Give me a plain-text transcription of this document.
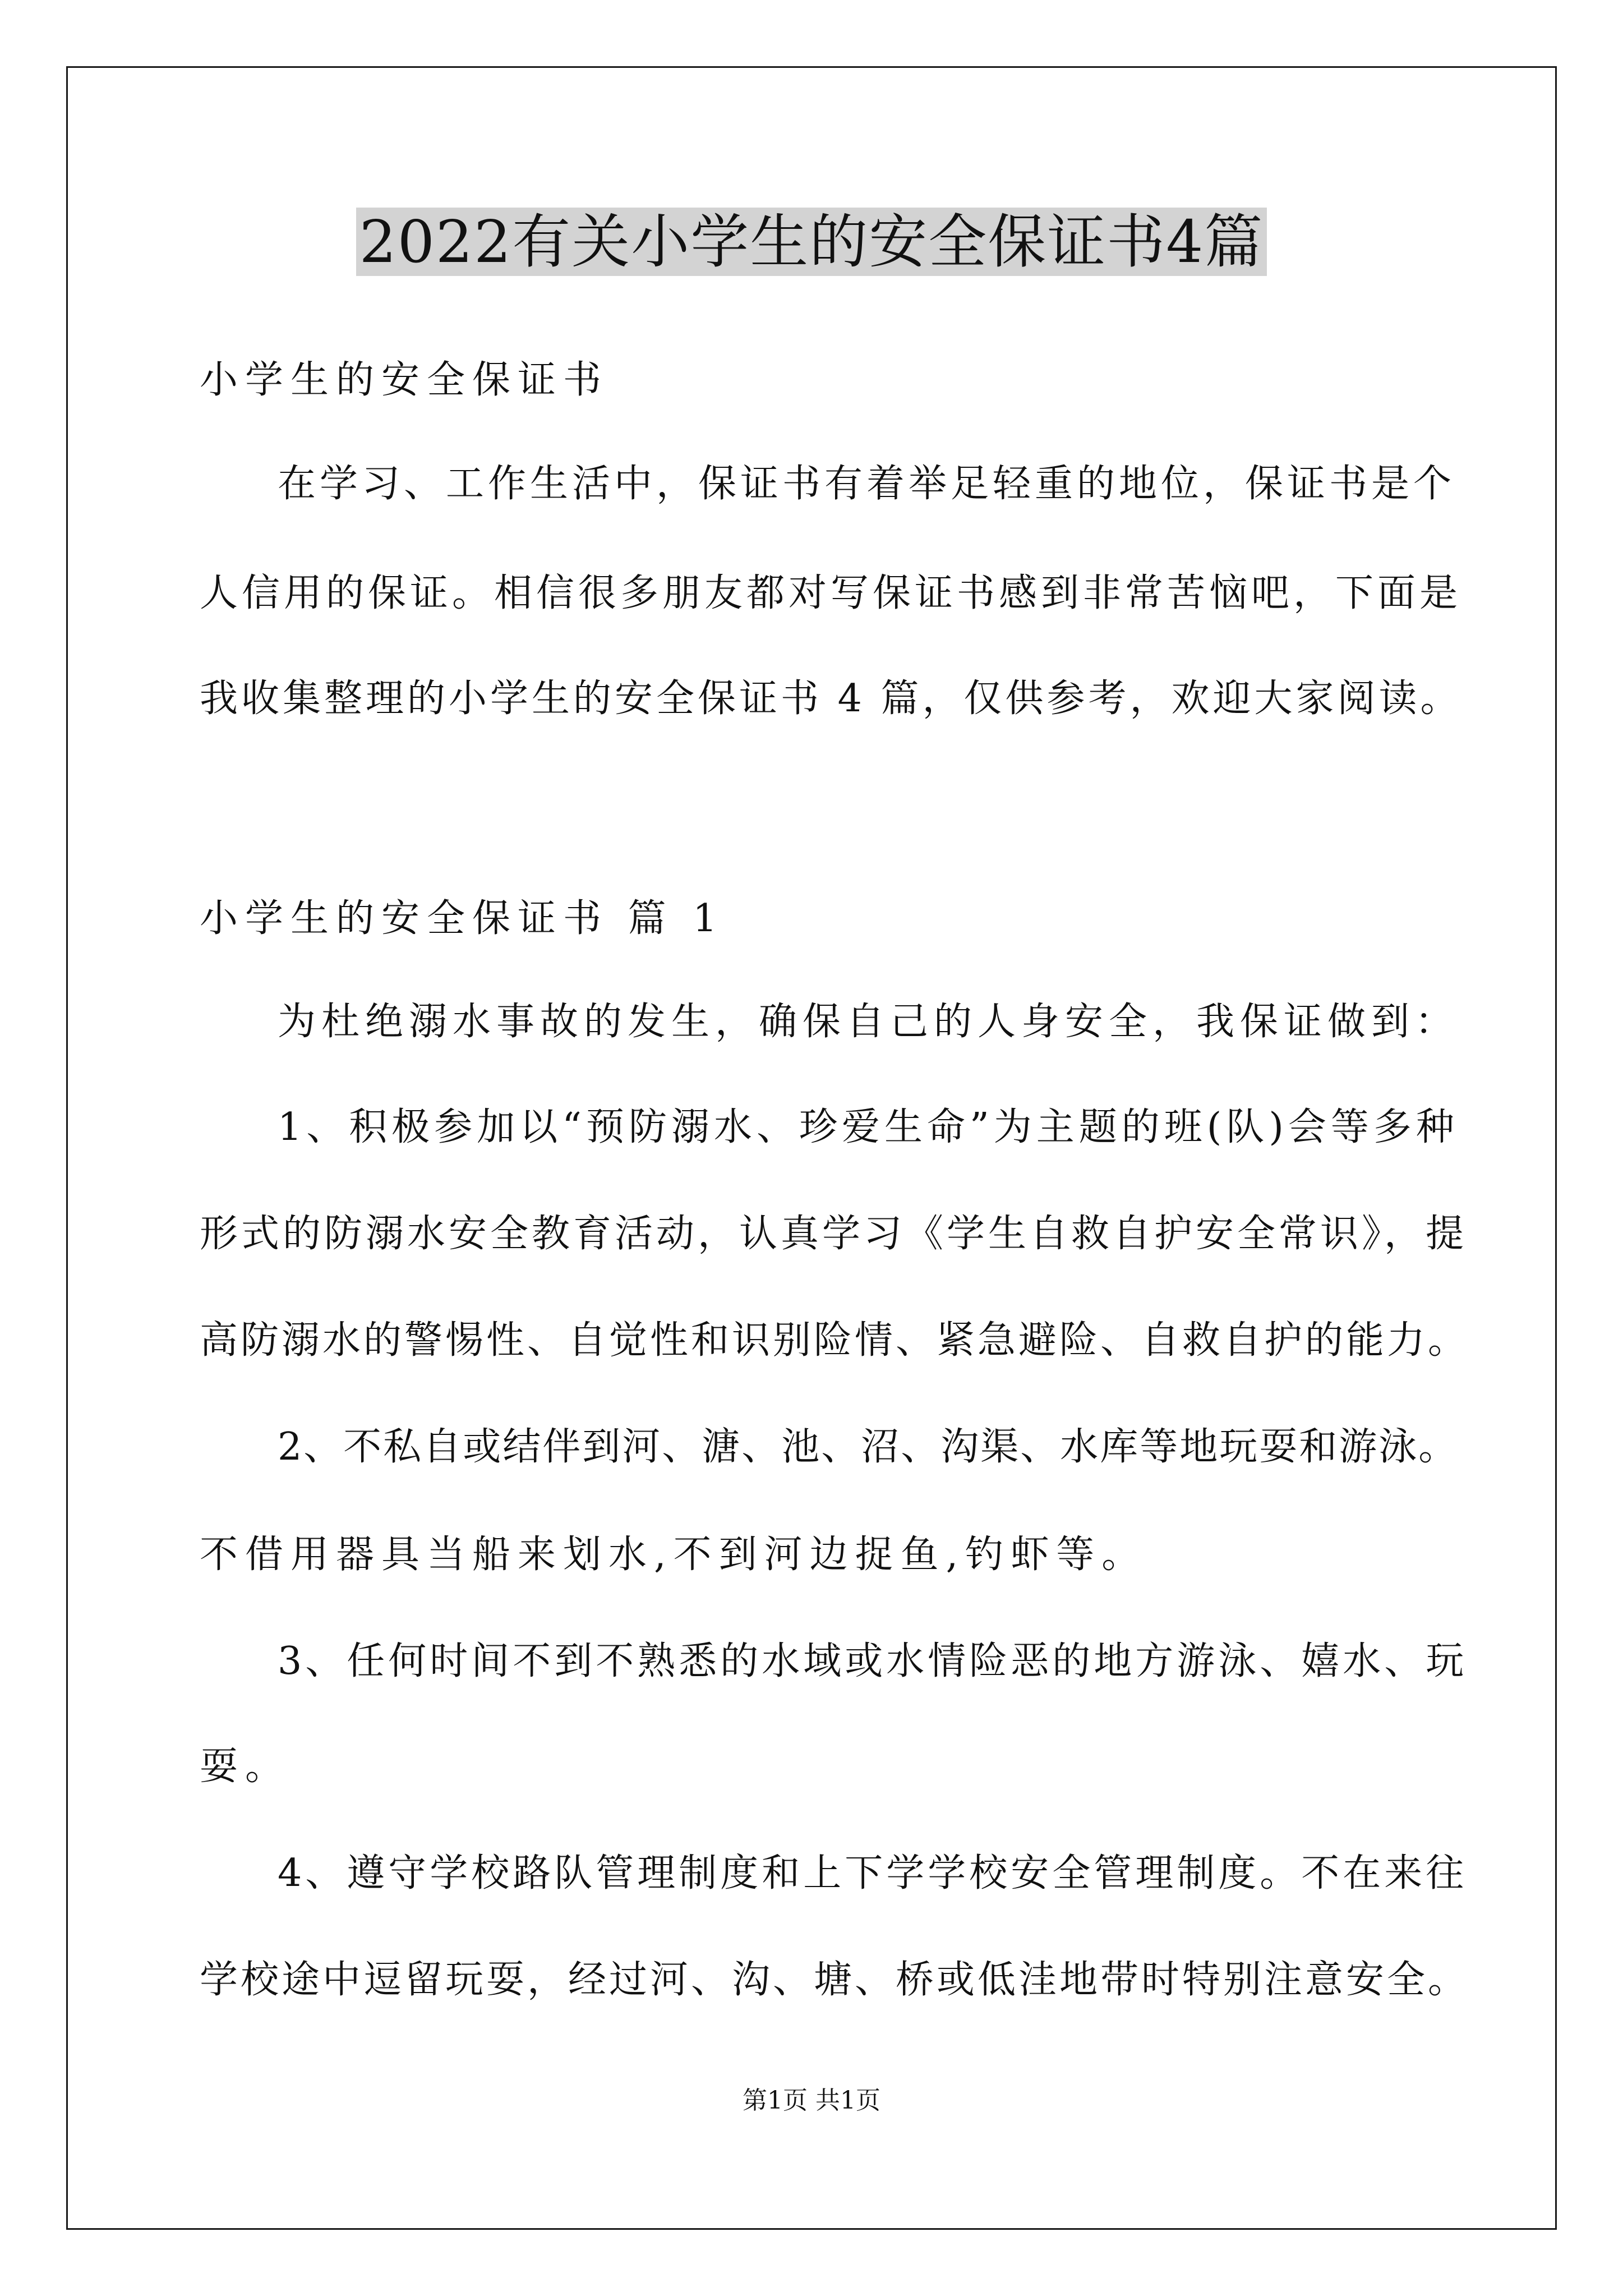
2022有关小学生的安全保证书4篇
小学生的安全保证书
在学习、工作生活中，保证书有着举足轻重的地位，保证书是个
人信用的保证。相信很多朋友都对写保证书感到非常苦恼吧，下面是
我收集整理的小学生的安全保证书 4 篇，仅供参考，欢迎大家阅读。
小学生的安全保证书 篇 1
为杜绝溺水事故的发生，确保自己的人身安全，我保证做到：
1、积极参加以“预防溺水、珍爱生命”为主题的班(队)会等多种
形式的防溺水安全教育活动，认真学习《学生自救自护安全常识》，提
高防溺水的警惕性、自觉性和识别险情、紧急避险、自救自护的能力。
2、不私自或结伴到河、溏、池、沼、沟渠、水库等地玩耍和游泳。
不借用器具当船来划水,不到河边捉鱼,钓虾等。
3、任何时间不到不熟悉的水域或水情险恶的地方游泳、嬉水、玩
耍。
4、遵守学校路队管理制度和上下学学校安全管理制度。不在来往
学校途中逗留玩耍，经过河、沟、塘、桥或低洼地带时特别注意安全。
第1页 共1页
